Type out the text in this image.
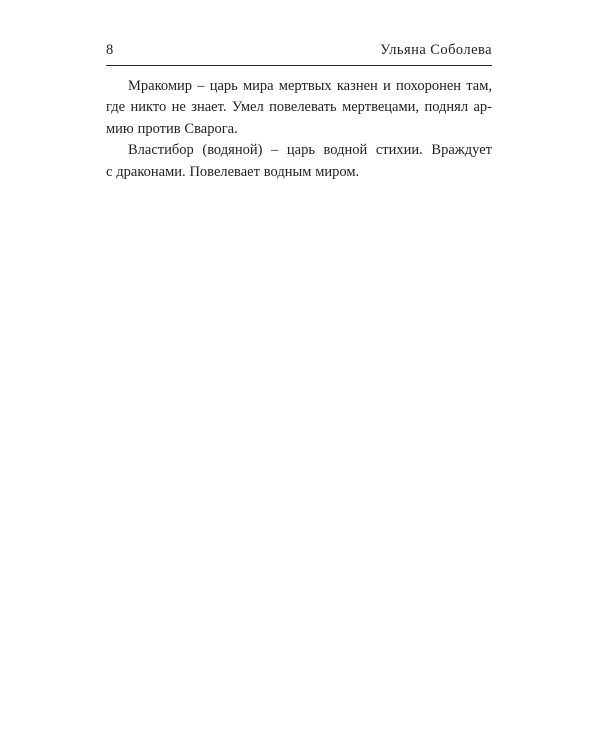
8	Ульяна Соболева

Мракомир – царь мира мертвых казнен и похоронен там,
где никто не знает. Умел повелевать мертвецами, поднял ар-
мию против Сварога.

Властибор (водяной) – царь водной стихии. Враждует
с драконами. Повелевает водным миром.
